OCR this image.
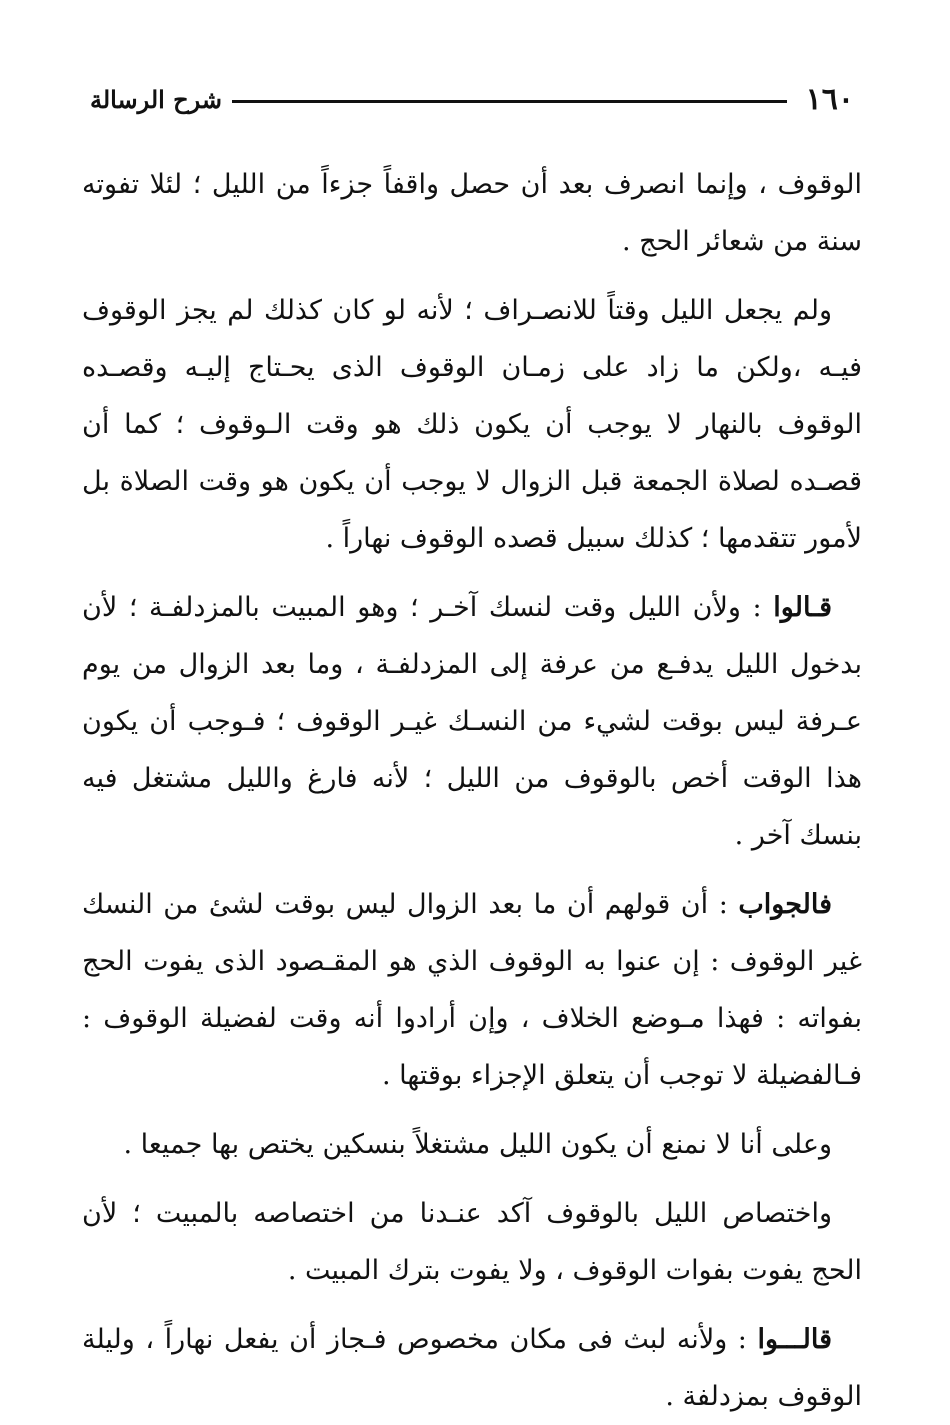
١٦٠
شرح الرسالة

الوقوف ، وإنما انصرف بعد أن حصل واقفاً جزءاً من الليل ؛ لئلا تفوته سنة من شعائر الحج .

ولم يجعل الليل وقتاً للانصـراف ؛ لأنه لو كان كذلك لم يجز الوقوف فيـه ،ولكن ما زاد على زمـان الوقوف الذى يحـتاج إليـه وقصـده الوقوف بالنهار لا يوجب أن يكون ذلك هو وقت الـوقوف ؛ كما أن قصـده لصلاة الجمعة قبل الزوال لا يوجب أن يكون هو وقت الصلاة بل لأمور تتقدمها ؛ كذلك سبيل قصده الوقوف نهاراً .

قـالوا : ولأن الليل وقت لنسك آخـر ؛ وهو المبيت بالمزدلفـة ؛ لأن بدخول الليل يدفـع من عرفة إلى المزدلفـة ، وما بعد الزوال من يوم عـرفة ليس بوقت لشيء من النسـك غيـر الوقوف ؛ فـوجب أن يكون هذا الوقت أخص بالوقوف من الليل ؛ لأنه فارغ والليل مشتغل فيه بنسك آخر .

فالجواب : أن قولهم أن ما بعد الزوال ليس بوقت لشئ من النسك غير الوقوف : إن عنوا به الوقوف الذي هو المقـصود الذى يفوت الحج بفواته : فهذا مـوضع الخلاف ، وإن أرادوا أنه وقت لفضيلة الوقوف : فـالفضيلة لا توجب أن يتعلق الإجزاء بوقتها .

وعلى أنا لا نمنع أن يكون الليل مشتغلاً بنسكين يختص بها جميعا .

واختصاص الليل بالوقوف آكد عنـدنا من اختصاصه بالمبيت ؛ لأن الحج يفوت بفوات الوقوف ، ولا يفوت بترك المبيت .

قالـــوا : ولأنه لبث فى مكان مخصوص فـجاز أن يفعل نهاراً ، وليلة الوقوف بمزدلفة .
